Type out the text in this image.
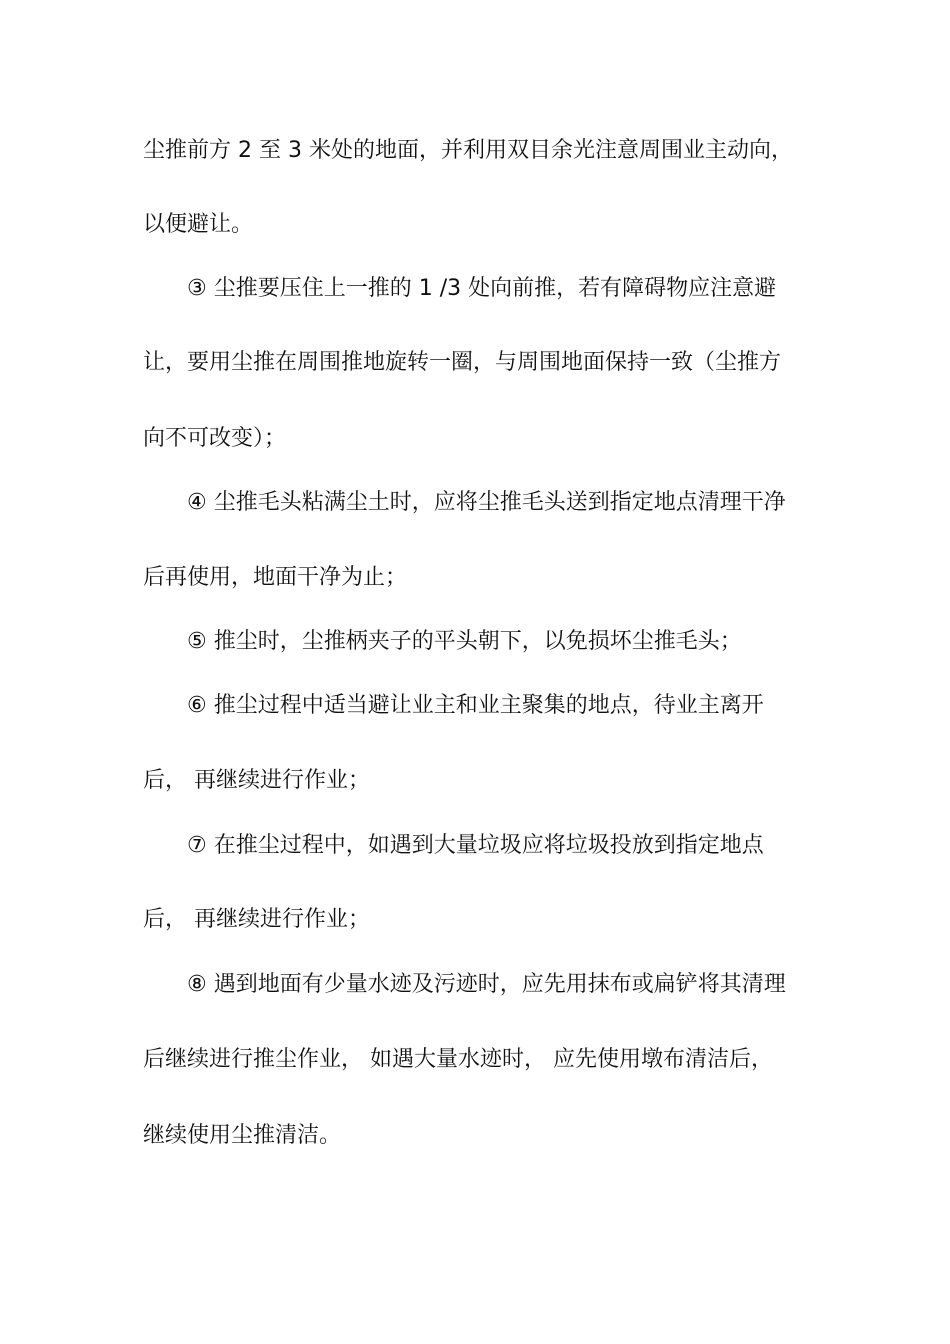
尘推前方 2 至 3 米处的地面，并利用双目余光注意周围业主动向，
以便避让。
③ 尘推要压住上一推的 1 /3 处向前推，若有障碍物应注意避
让，要用尘推在周围推地旋转一圈，与周围地面保持一致（尘推方
向不可改变）；
④ 尘推毛头粘满尘土时，应将尘推毛头送到指定地点清理干净
后再使用，地面干净为止；
⑤ 推尘时，尘推柄夹子的平头朝下，以免损坏尘推毛头；
⑥ 推尘过程中适当避让业主和业主聚集的地点，待业主离开
后， 再继续进行作业；
⑦ 在推尘过程中，如遇到大量垃圾应将垃圾投放到指定地点
后， 再继续进行作业；
⑧ 遇到地面有少量水迹及污迹时，应先用抹布或扁铲将其清理
后继续进行推尘作业， 如遇大量水迹时， 应先使用墩布清洁后，
继续使用尘推清洁。
